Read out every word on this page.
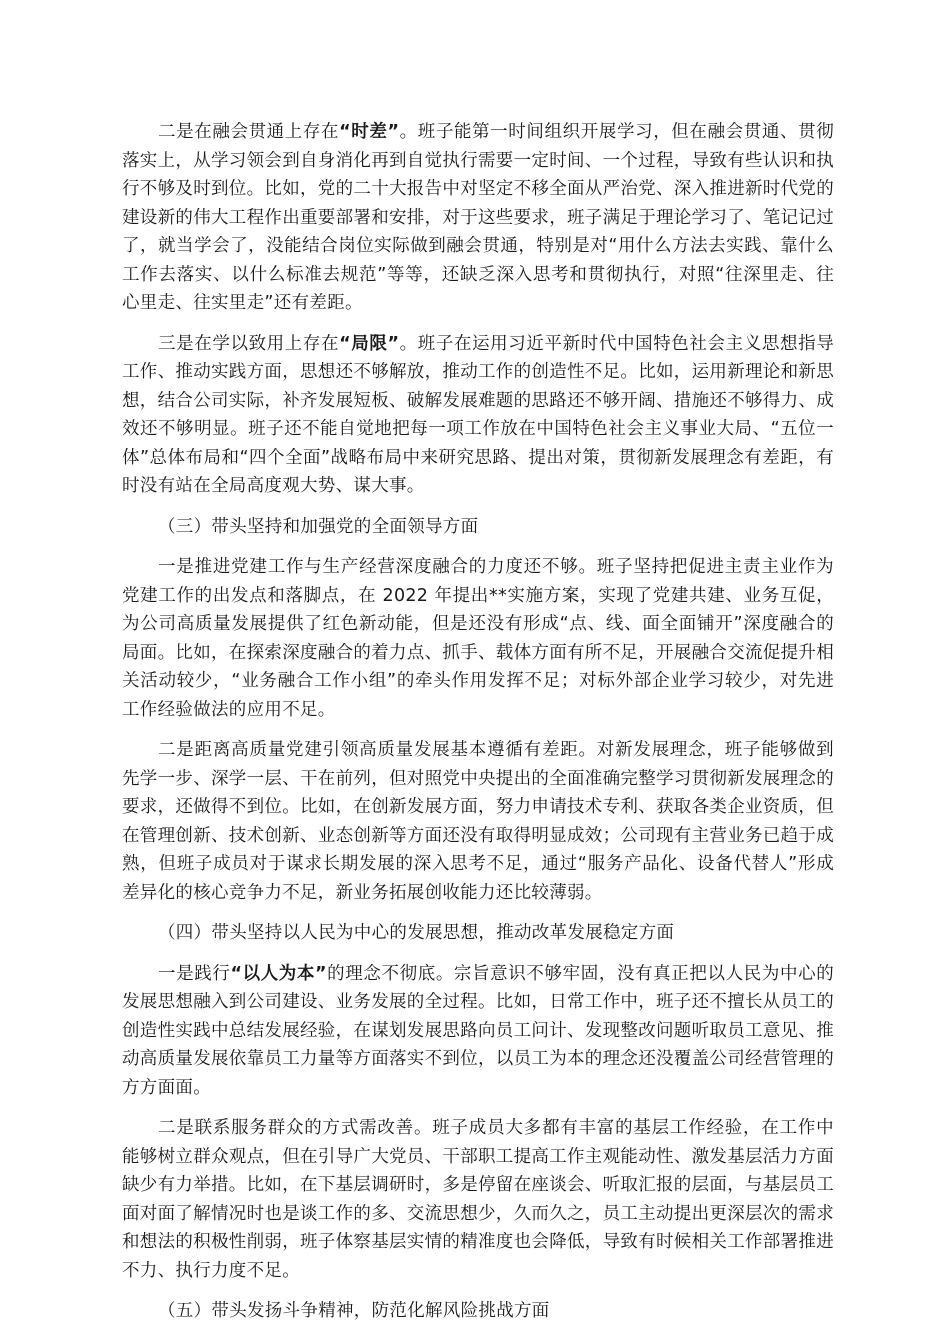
二是在融会贯通上存在“时差”。班子能第一时间组织开展学习，但在融会贯通、贯彻落实上，从学习领会到自身消化再到自觉执行需要一定时间、一个过程，导致有些认识和执行不够及时到位。比如，党的二十大报告中对坚定不移全面从严治党、深入推进新时代党的建设新的伟大工程作出重要部署和安排，对于这些要求，班子满足于理论学习了、笔记记过了，就当学会了，没能结合岗位实际做到融会贯通，特别是对“用什么方法去实践、靠什么工作去落实、以什么标准去规范”等等，还缺乏深入思考和贯彻执行，对照“往深里走、往心里走、往实里走”还有差距。

三是在学以致用上存在“局限”。班子在运用习近平新时代中国特色社会主义思想指导工作、推动实践方面，思想还不够解放，推动工作的创造性不足。比如，运用新理论和新思想，结合公司实际，补齐发展短板、破解发展难题的思路还不够开阔、措施还不够得力、成效还不够明显。班子还不能自觉地把每一项工作放在中国特色社会主义事业大局、“五位一体”总体布局和“四个全面”战略布局中来研究思路、提出对策，贯彻新发展理念有差距，有时没有站在全局高度观大势、谋大事。

（三）带头坚持和加强党的全面领导方面

一是推进党建工作与生产经营深度融合的力度还不够。班子坚持把促进主责主业作为党建工作的出发点和落脚点，在 2022 年提出**实施方案，实现了党建共建、业务互促，为公司高质量发展提供了红色新动能，但是还没有形成“点、线、面全面铺开”深度融合的局面。比如，在探索深度融合的着力点、抓手、载体方面有所不足，开展融合交流促提升相关活动较少，“业务融合工作小组”的牵头作用发挥不足；对标外部企业学习较少，对先进工作经验做法的应用不足。

二是距离高质量党建引领高质量发展基本遵循有差距。对新发展理念，班子能够做到先学一步、深学一层、干在前列，但对照党中央提出的全面准确完整学习贯彻新发展理念的要求，还做得不到位。比如，在创新发展方面，努力申请技术专利、获取各类企业资质，但在管理创新、技术创新、业态创新等方面还没有取得明显成效；公司现有主营业务已趋于成熟，但班子成员对于谋求长期发展的深入思考不足，通过“服务产品化、设备代替人”形成差异化的核心竞争力不足，新业务拓展创收能力还比较薄弱。

（四）带头坚持以人民为中心的发展思想，推动改革发展稳定方面

一是践行“以人为本”的理念不彻底。宗旨意识不够牢固，没有真正把以人民为中心的发展思想融入到公司建设、业务发展的全过程。比如，日常工作中，班子还不擅长从员工的创造性实践中总结发展经验，在谋划发展思路向员工问计、发现整改问题听取员工意见、推动高质量发展依靠员工力量等方面落实不到位，以员工为本的理念还没覆盖公司经营管理的方方面面。

二是联系服务群众的方式需改善。班子成员大多都有丰富的基层工作经验，在工作中能够树立群众观点，但在引导广大党员、干部职工提高工作主观能动性、激发基层活力方面缺少有力举措。比如，在下基层调研时，多是停留在座谈会、听取汇报的层面，与基层员工面对面了解情况时也是谈工作的多、交流思想少，久而久之，员工主动提出更深层次的需求和想法的积极性削弱，班子体察基层实情的精准度也会降低，导致有时候相关工作部署推进不力、执行力度不足。

（五）带头发扬斗争精神，防范化解风险挑战方面
